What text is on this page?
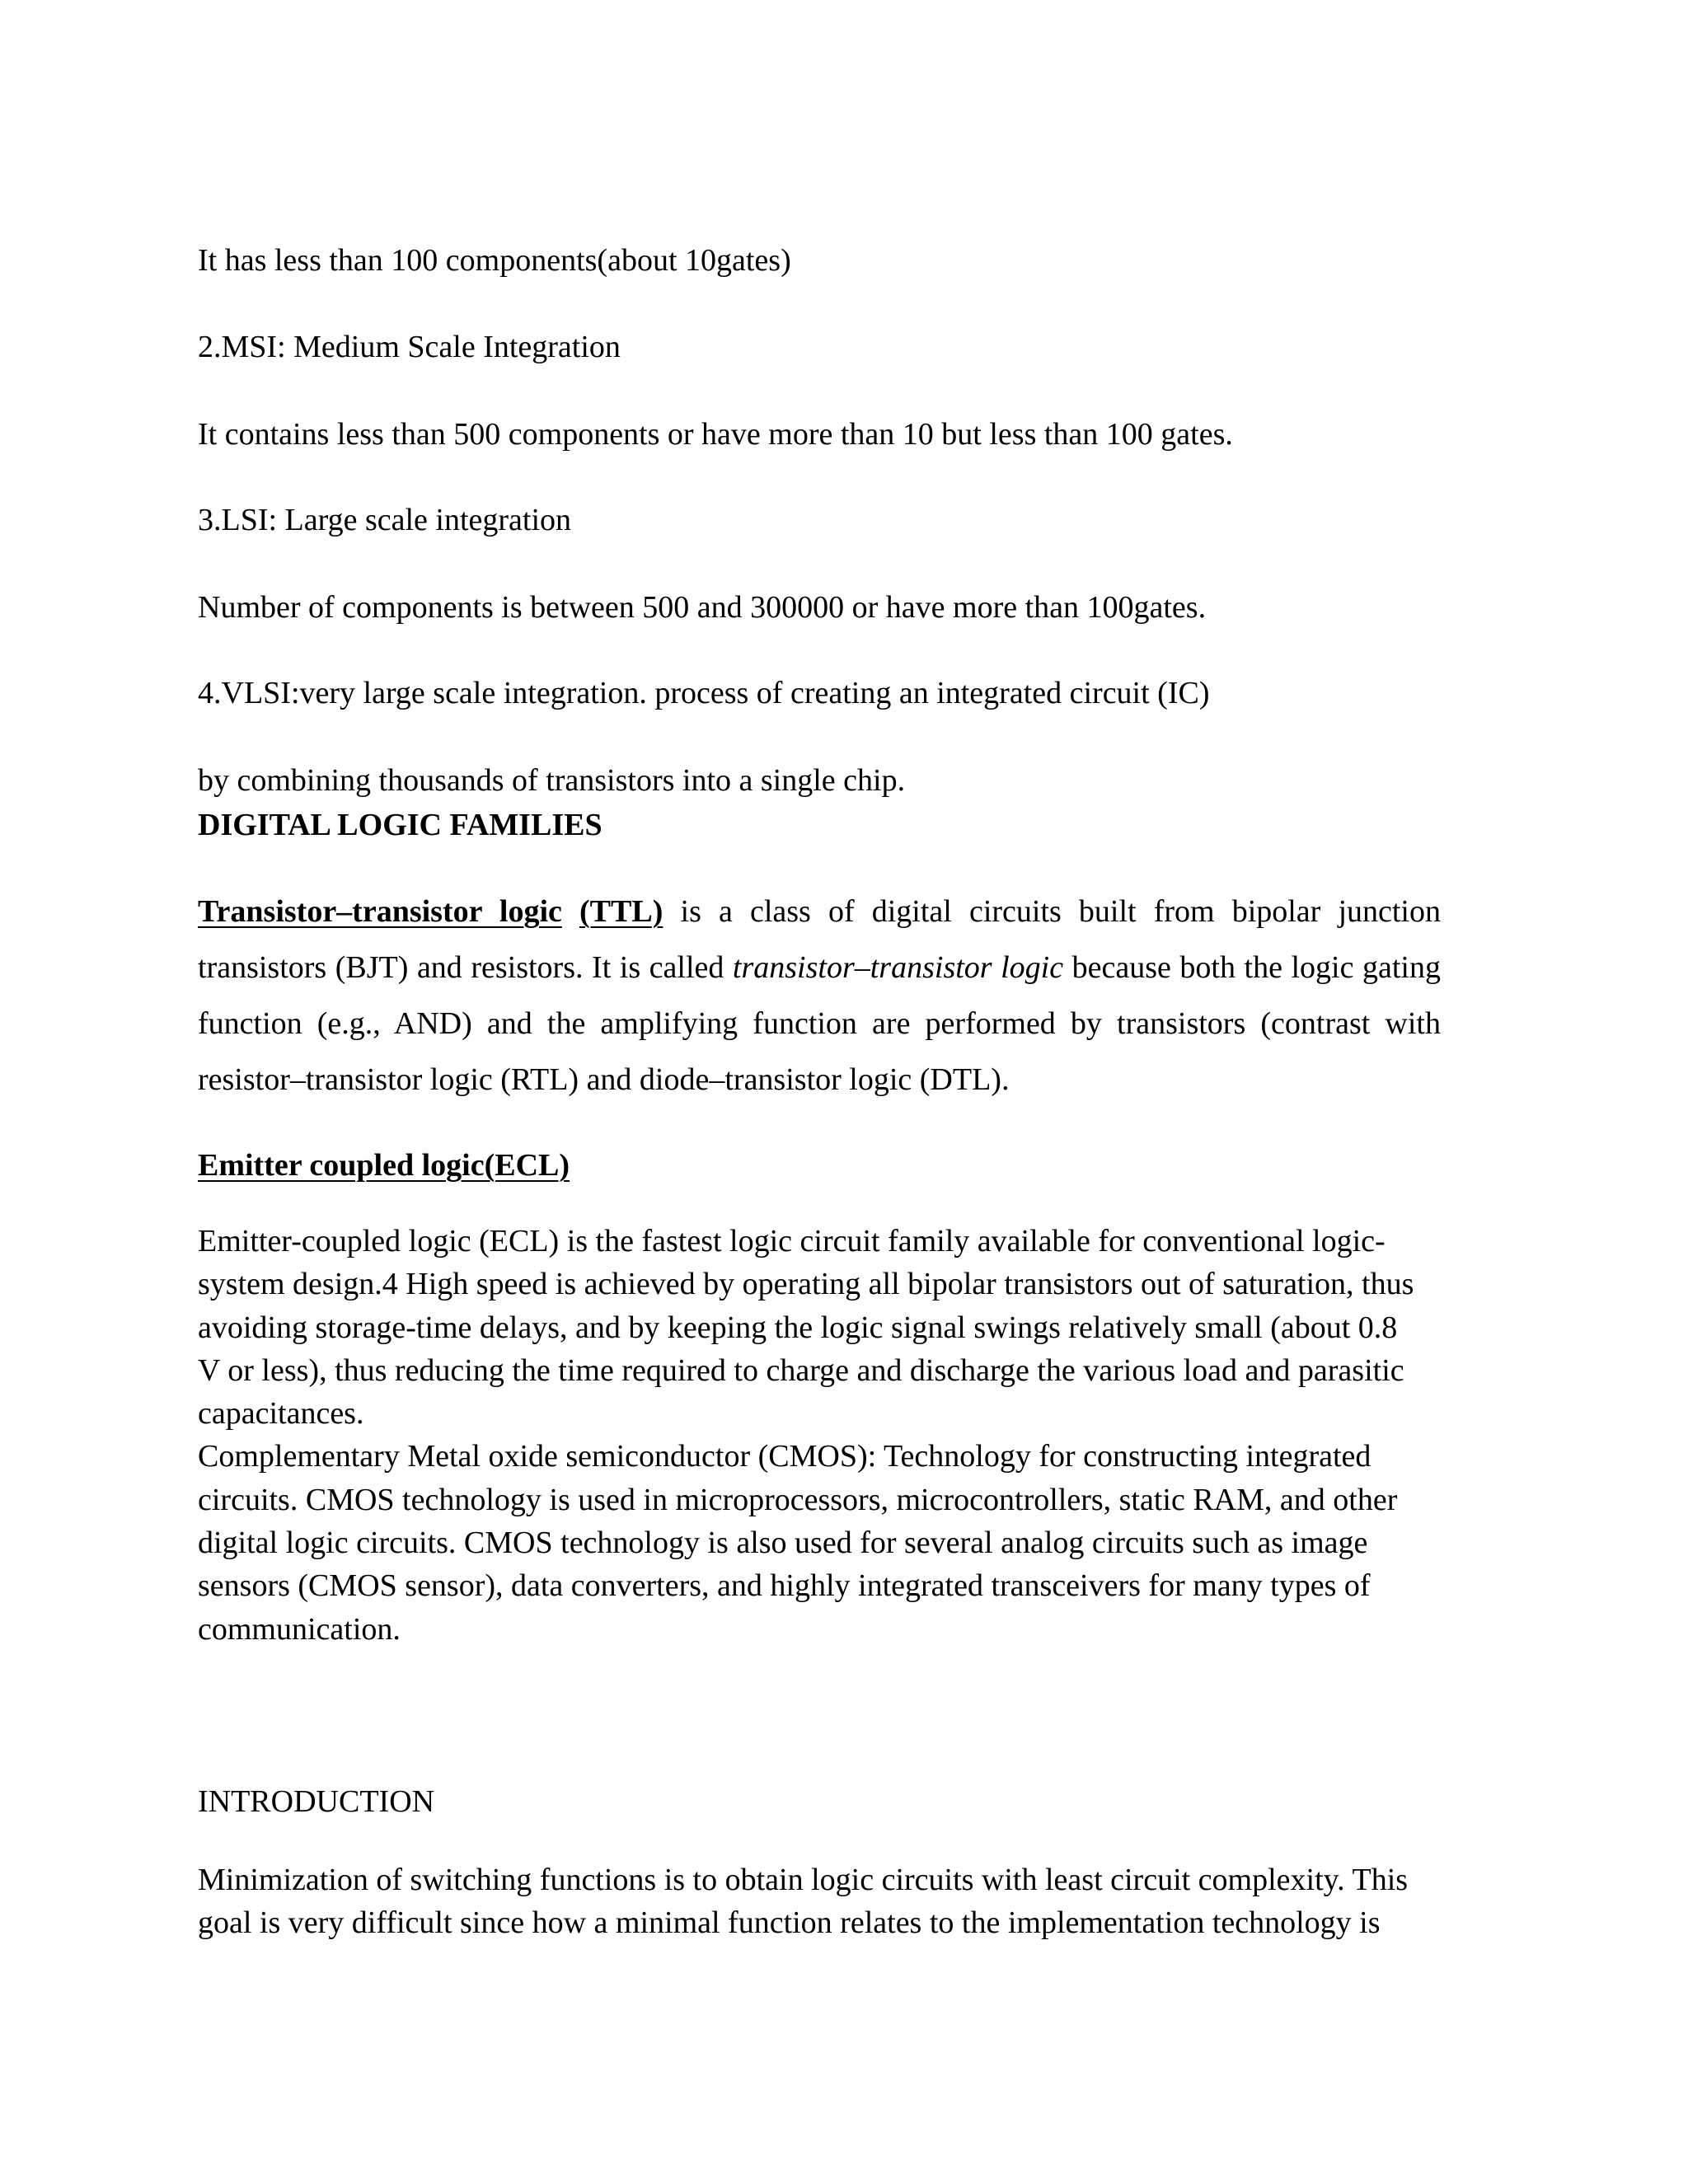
It has less than 100 components(about 10gates)

2.MSI: Medium Scale Integration

It contains less than 500 components or have more than 10 but less than 100 gates.

3.LSI: Large scale integration

Number of components is between 500 and 300000 or have more than 100gates.

4.VLSI:very large scale integration. process of creating an integrated circuit (IC)

by combining thousands of transistors into a single chip.

DIGITAL LOGIC FAMILIES

Transistor–transistor logic (TTL) is a class of digital circuits built from bipolar junction transistors (BJT) and resistors. It is called transistor–transistor logic because both the logic gating function (e.g., AND) and the amplifying function are performed by transistors (contrast with resistor–transistor logic (RTL) and diode–transistor logic (DTL).

Emitter coupled logic(ECL)

Emitter-coupled logic (ECL) is the fastest logic circuit family available for conventional logic-
system design.4 High speed is achieved by operating all bipolar transistors out of saturation, thus
avoiding storage-time delays, and by keeping the logic signal swings relatively small (about 0.8
V or less), thus reducing the time required to charge and discharge the various load and parasitic
capacitances.
Complementary Metal oxide semiconductor (CMOS): Technology for constructing integrated
circuits. CMOS technology is used in microprocessors, microcontrollers, static RAM, and other
digital logic circuits. CMOS technology is also used for several analog circuits such as image
sensors (CMOS sensor), data converters, and highly integrated transceivers for many types of
communication.

INTRODUCTION

Minimization of switching functions is to obtain logic circuits with least circuit complexity. This
goal is very difficult since how a minimal function relates to the implementation technology is
